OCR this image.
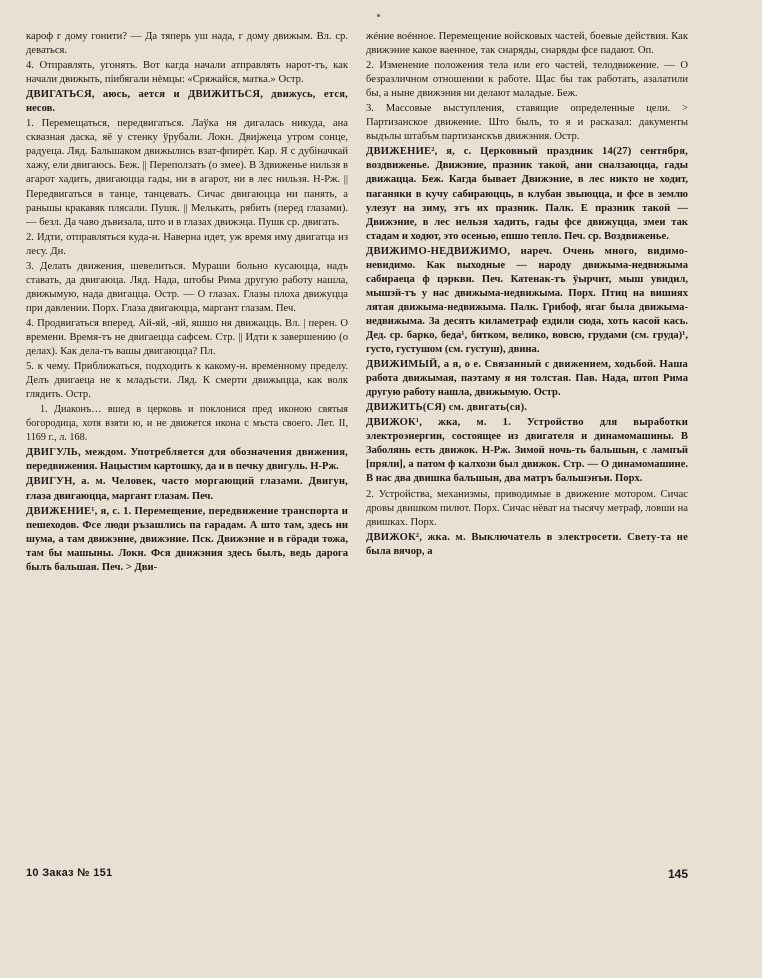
кароф г дому гонити? — Да тяперь уш нада, г дому движым. Вл. ср. деваться.

4. Отправлять, угонять. Вот кагда начали атправлять нарот-тъ, как начали движыть, пiибягали нèмцы: «Сряжайся, матка.» Остр.

ДВИГАТЬСЯ, аюсь, ается и ДВИЖИТЬСЯ, движусь, ется, несов.

1. Перемещаться, передвигаться. Лаўка ня дигалась никуда, ана сквазная даска, яё у стенку ўрубали. Локн. Двиjжеца утром сонце, радуеца. Ляд. Бальшаком движылись взат-фпирèт. Кар. Я с дубiначкай хажу, ели двигаюсь. Беж. || Переползать (о змее). В Здвиженье нильзя в агарот хадить, двигаюцца гады, ни в агарот, ни в лес нильзя. Н-Рж. || Передвигаться в танце, танцевать. Сичас двигаюцца ни панять, а раньшы кракавяк плясали. Пушк. || Мелькать, рябить (перед глазами). — безл. Да чаво дъвизала, што и в глазах движэца. Пушк ср. двигать.

2. Идти, отправляться куда-н. Наверна идет, уж время иму двигатца из лесу. Дн.

3. Делать движения, шевелиться. Мураши больно кусаюцца, надъ ставать, да двигаюца. Ляд. Нада, штобы Рима другую работу нашла, движымую, нада двигацца. Остр. — О глазах. Глазы плоха движуцца при давлении. Порх. Глаза двигаюцца, маргант глазам. Печ.

4. Продвигаться вперед. Ай-яй, -яй, яшшо ня движацць. Вл. | перен. О времени. Время-тъ не двигаецца сафсем. Стр. || Идти к завершению (о делах). Как дела-тъ вашы двигаюцца? Пл.

5. к чему. Приближаться, подходить к какому-н. временному пределу. Делъ двигаеца не к младъсти. Ляд. К смерти движыцца, как волк глядить. Остр.

1. Диаконъ… вшед в церковь и поклонися пред иконою святыя богородица, хотя взяти ю, и не движется икона с мъста своего. Лет. II, 1169 г., л. 168.

ДВИГУЛЬ, междом. Употребляется для обозначения движения, передвижения. Нацыстим картошку, да и в печку двигуль. Н-Рж.

ДВИГУН, а. м. Человек, часто моргающий глазами. Двигун, глаза двигаюцца, маргант глазам. Печ.

ДВИЖЕНИЕ¹, я, с. 1. Перемещение, передвижение транспорта и пешеходов. Фсе люди ръзашлись па гарадам. А што там, здесь ни шума, а там движэние, движэние. Пск. Движэние и в гöради тожа, там бы машыны. Локн. Фся движэния здесь былъ, ведь дарога былъ бальшая. Печ. > Дви-

жéние воéнное. Перемещение войсковых частей, боевые действия. Как движэние какое ваенное, так снаряды, снаряды фсе падают. Оп.

2. Изменение положения тела или его частей, телодвижение. — О безразличном отношении к работе. Щас бы так работать, азалатили бы, а ныне движэния ни делают маладые. Беж.

3. Массовые выступления, ставящие определенные цели. > Партизанское движение. Што былъ, то я и расказал: дакументы выдълы штабъм партизанскъв движэния. Остр.

ДВИЖЕНИЕ², я, с. Церковный праздник 14(27) сентября, воздвиженье. Движэние, празник такой, ани сналзаюцца, гады движацца. Беж. Кагда бывает Движэние, в лес никто не ходит, паганяки в кучу сабираюцць, в клубан звыюцца, и фсе в землю улезут на зиму, этъ их празник. Палк. Е празник такой — Движэние, в лес нельзя хадить, гады фсе движуцца, змеи так стадам и ходют, это осенью, ешшо тепло. Печ. ср. Воздвиженье.

ДВИЖИМО-НЕДВИЖИМО, нареч. Очень много, видимо-невидимо. Как выходные — народу движыма-недвижыма сабираеца ф цэркви. Печ. Катенак-тъ ўырчит, мыш увидил, мышэй-тъ у нас движыма-недвижыма. Порх. Птиц на вишнях лятая движыма-недвижыма. Палк. Грибоф, ягаг была движыма-недвижыма. За десять киламетраф ездили сюда, хоть касой кась. Дед. ср. барко, беда¹, битком, велико, вовсю, грудами (см. груда)¹, густо, густушом (см. густуш), двина.

ДВИЖИМЫЙ, а я, о е. Связанный с движением, ходьбой. Наша работа движымая, паэтаму я ня толстая. Пав. Нада, штоп Рима другую работу нашла, движымую. Остр.

ДВИЖИТЬ(СЯ) см. двигать(ся).

ДВИЖОК¹, жка, м. 1. Устройство для выработки электроэнергии, состоящее из двигателя и динамомашины. В Заболянь есть движок. Н-Рж. Зимой ночь-ть бальшын, с лампъй [пряли], а патом ф калхози был движок. Стр. — О динамомашине. В нас два двишка бальшын, два матръ бальшэнъи. Порх.

2. Устройства, механизмы, приводимые в движение мотором. Сичас дровы двишком пилют. Порх. Сичас нëват на тысячу метраф, ловши на двишках. Порх.

ДВИЖОК², жка. м. Выключатель в электросети. Свету-та не была вячор, а

10 Заказ № 151	145
